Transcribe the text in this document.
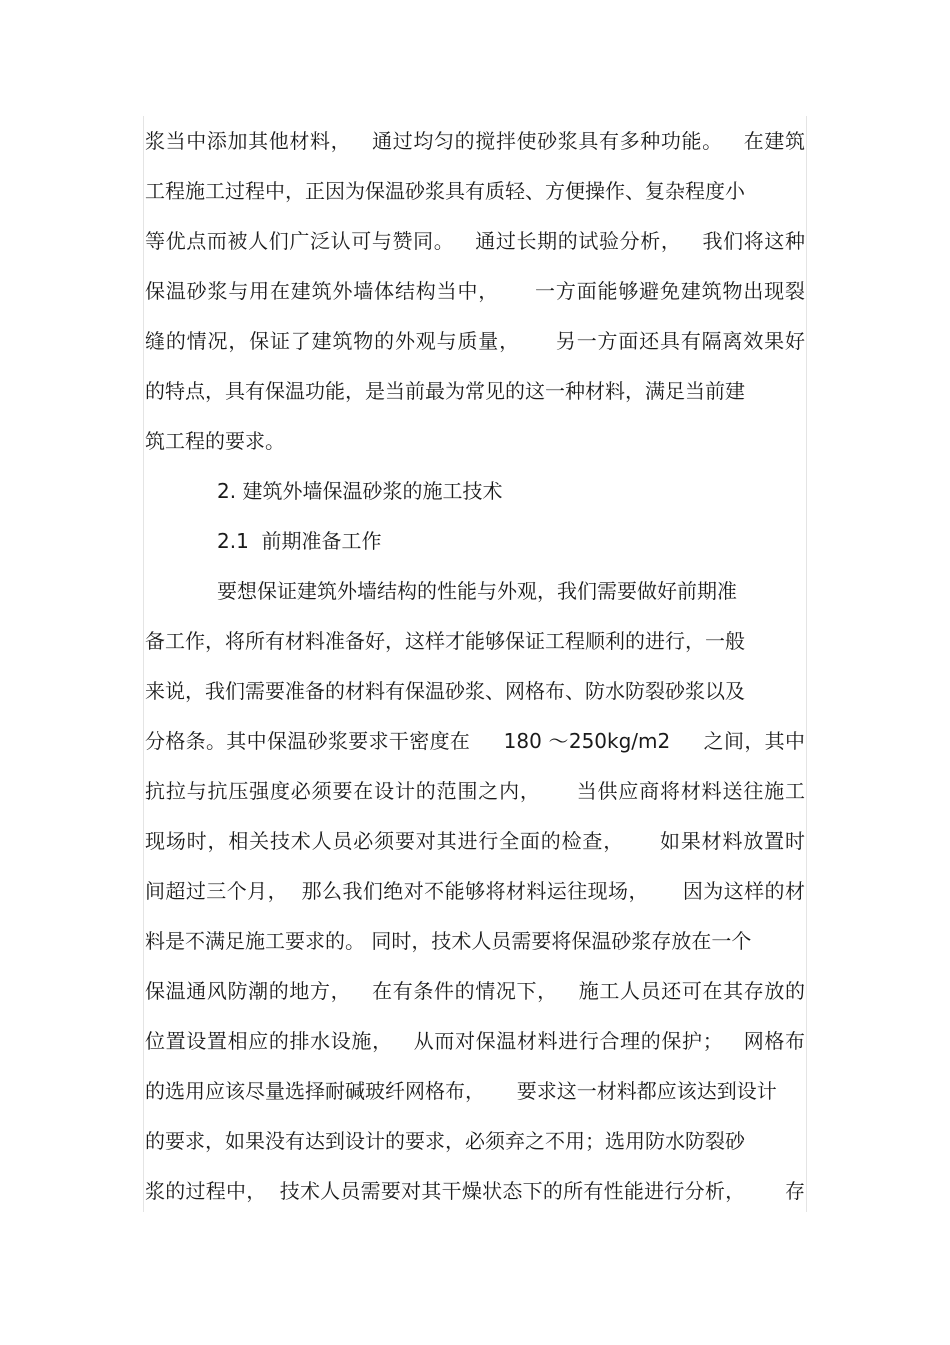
浆当中添加其他材料，   通过均匀的搅拌使砂浆具有多种功能。   在建筑
工程施工过程中，正因为保温砂浆具有质轻、方便操作、复杂程度小
等优点而被人们广泛认可与赞同。   通过长期的试验分析，   我们将这种
保温砂浆与用在建筑外墙体结构当中，     一方面能够避免建筑物出现裂
缝的情况，保证了建筑物的外观与质量，     另一方面还具有隔离效果好
的特点，具有保温功能，是当前最为常见的这一种材料，满足当前建
筑工程的要求。
2. 建筑外墙保温砂浆的施工技术
2.1  前期准备工作
要想保证建筑外墙结构的性能与外观，我们需要做好前期准
备工作，将所有材料准备好，这样才能够保证工程顺利的进行，一般
来说，我们需要准备的材料有保温砂浆、网格布、防水防裂砂浆以及
分格条。其中保温砂浆要求干密度在     180 ～250kg/m2     之间，其中
抗拉与抗压强度必须要在设计的范围之内，     当供应商将材料送往施工
现场时，相关技术人员必须要对其进行全面的检查，     如果材料放置时
间超过三个月，  那么我们绝对不能够将材料运往现场，     因为这样的材
料是不满足施工要求的。 同时，技术人员需要将保温砂浆存放在一个
保温通风防潮的地方，   在有条件的情况下，   施工人员还可在其存放的
位置设置相应的排水设施，   从而对保温材料进行合理的保护；   网格布
的选用应该尽量选择耐碱玻纤网格布，     要求这一材料都应该达到设计
的要求，如果没有达到设计的要求，必须弃之不用；选用防水防裂砂
浆的过程中，  技术人员需要对其干燥状态下的所有性能进行分析，      存
